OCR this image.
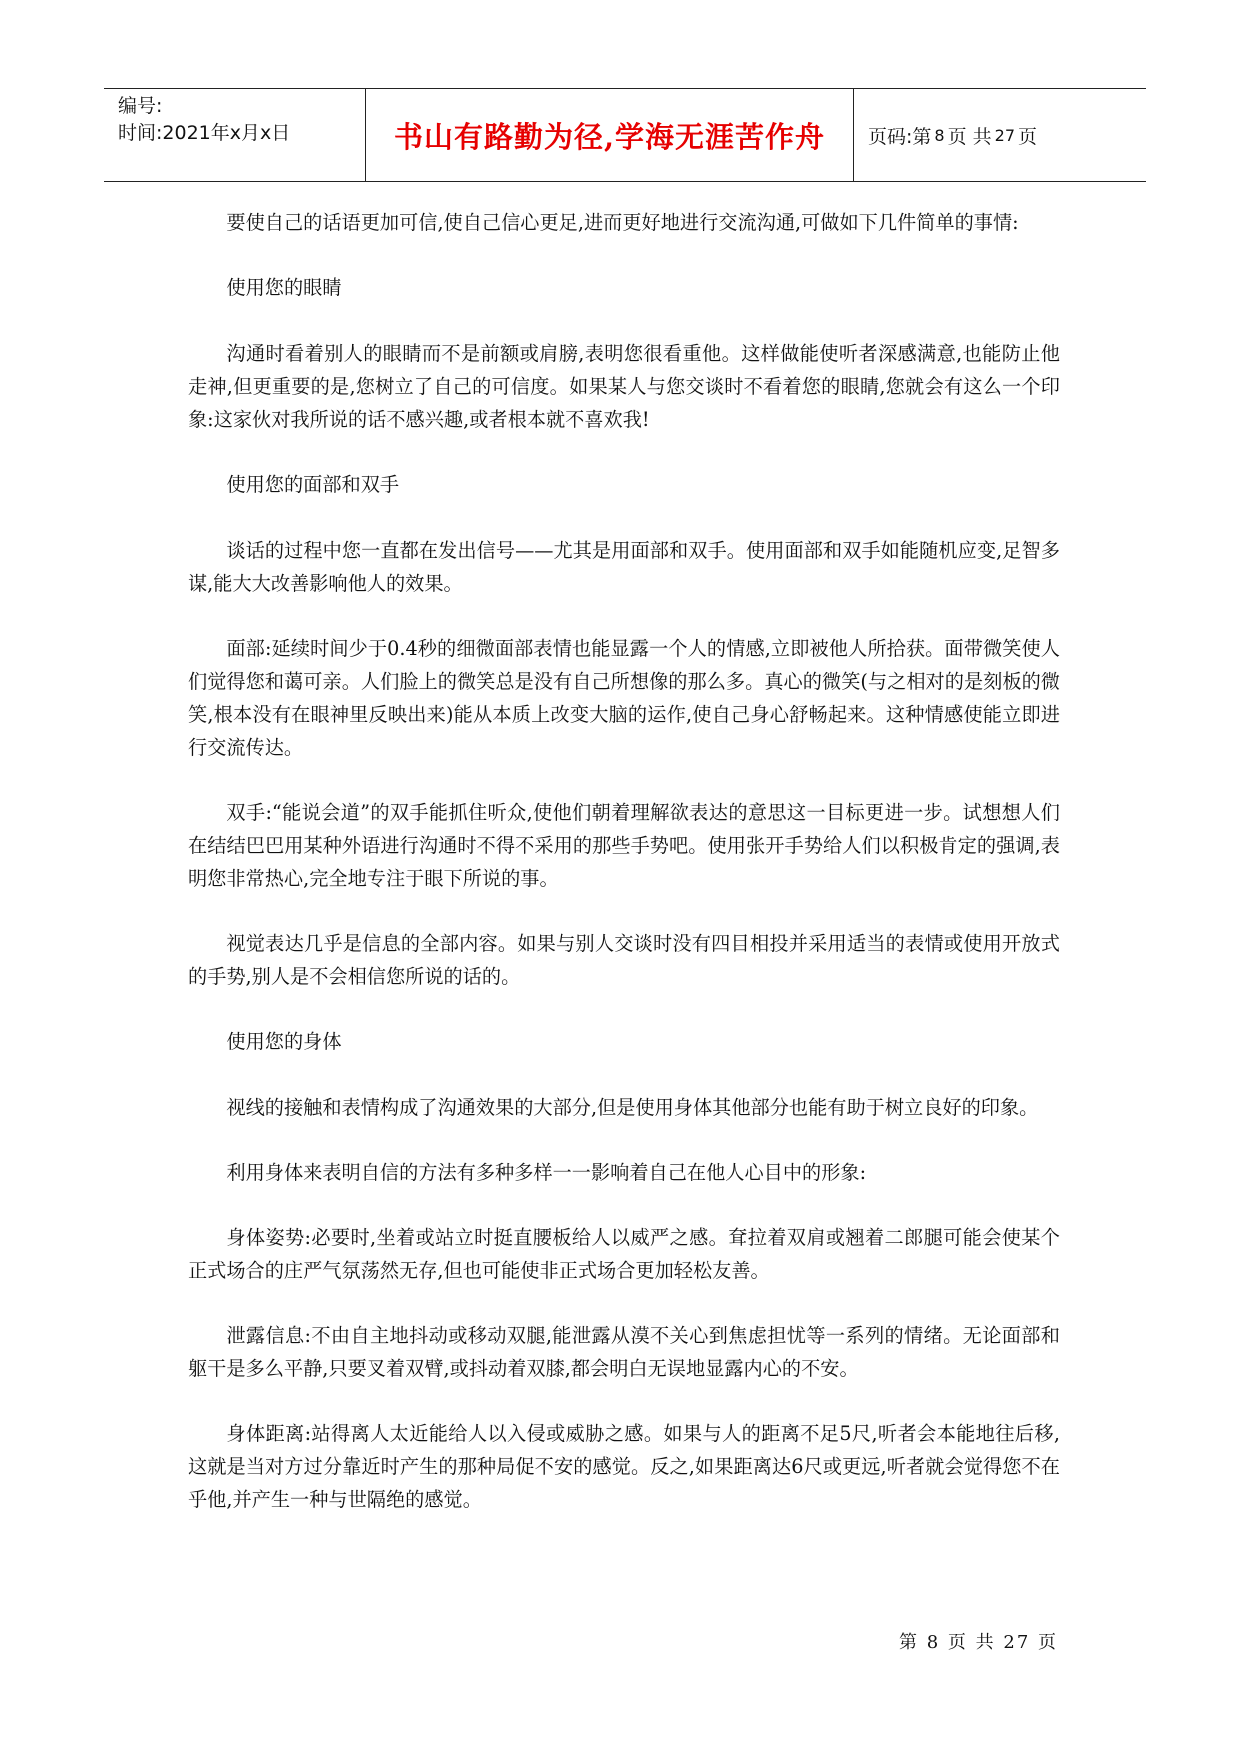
编号:
时间:2021年x月x日	书山有路勤为径,学海无涯苦作舟	页码:第 8 页 共 27 页

要使自己的话语更加可信,使自己信心更足,进而更好地进行交流沟通,可做如下几件简单的事情:

使用您的眼睛

沟通时看着别人的眼睛而不是前额或肩膀,表明您很看重他。这样做能使听者深感满意,也能防止他走神,但更重要的是,您树立了自己的可信度。如果某人与您交谈时不看着您的眼睛,您就会有这么一个印象:这家伙对我所说的话不感兴趣,或者根本就不喜欢我!

使用您的面部和双手

谈话的过程中您一直都在发出信号——尤其是用面部和双手。使用面部和双手如能随机应变,足智多谋,能大大改善影响他人的效果。

面部:延续时间少于0.4秒的细微面部表情也能显露一个人的情感,立即被他人所拾获。面带微笑使人们觉得您和蔼可亲。人们脸上的微笑总是没有自己所想像的那么多。真心的微笑(与之相对的是刻板的微笑,根本没有在眼神里反映出来)能从本质上改变大脑的运作,使自己身心舒畅起来。这种情感使能立即进行交流传达。

双手:“能说会道”的双手能抓住听众,使他们朝着理解欲表达的意思这一目标更进一步。试想想人们在结结巴巴用某种外语进行沟通时不得不采用的那些手势吧。使用张开手势给人们以积极肯定的强调,表明您非常热心,完全地专注于眼下所说的事。

视觉表达几乎是信息的全部内容。如果与别人交谈时没有四目相投并采用适当的表情或使用开放式的手势,别人是不会相信您所说的话的。

使用您的身体

视线的接触和表情构成了沟通效果的大部分,但是使用身体其他部分也能有助于树立良好的印象。

利用身体来表明自信的方法有多种多样一一影响着自己在他人心目中的形象:

身体姿势:必要时,坐着或站立时挺直腰板给人以威严之感。耷拉着双肩或翘着二郎腿可能会使某个正式场合的庄严气氛荡然无存,但也可能使非正式场合更加轻松友善。

泄露信息:不由自主地抖动或移动双腿,能泄露从漠不关心到焦虑担忧等一系列的情绪。无论面部和躯干是多么平静,只要叉着双臂,或抖动着双膝,都会明白无误地显露内心的不安。

身体距离:站得离人太近能给人以入侵或威胁之感。如果与人的距离不足5尺,听者会本能地往后移,这就是当对方过分靠近时产生的那种局促不安的感觉。反之,如果距离达6尺或更远,听者就会觉得您不在乎他,并产生一种与世隔绝的感觉。

第 8 页 共 27 页
